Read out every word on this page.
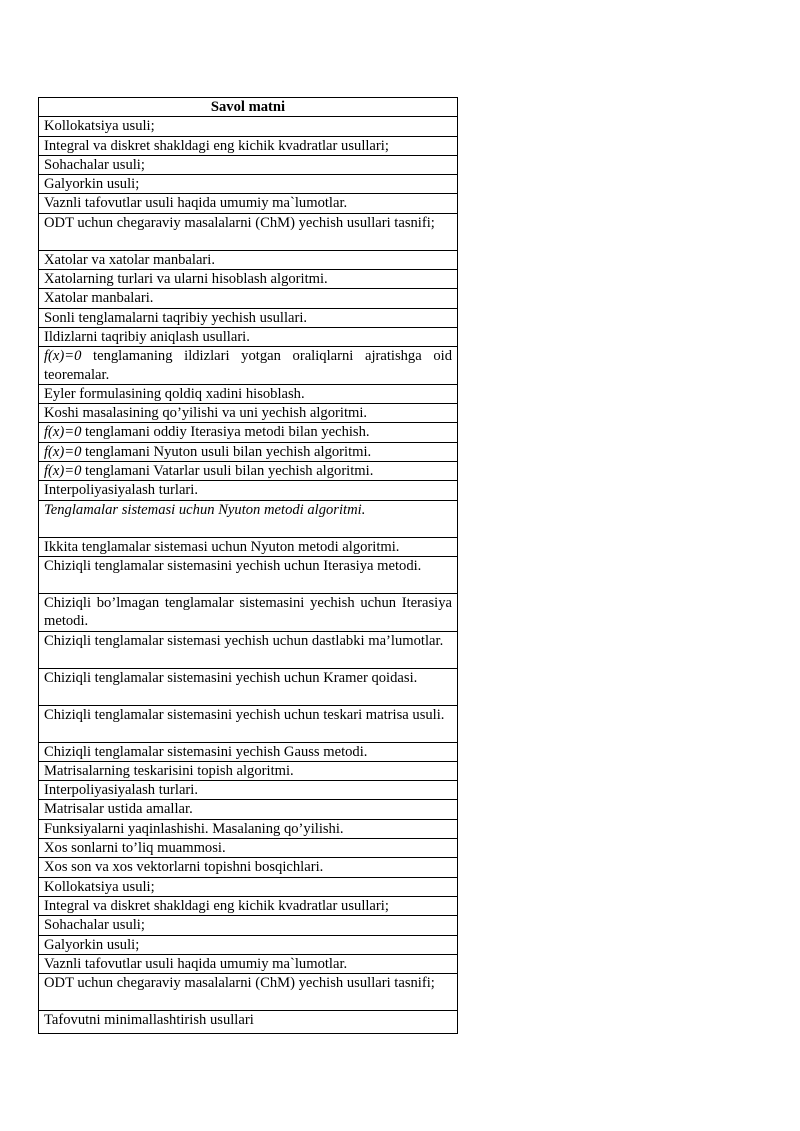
Savol matni
Kollokatsiya usuli;
Integral va diskret shakldagi eng kichik kvadratlar usullari;
Sohachalar usuli;
Galyorkin usuli;
Vaznli tafovutlar usuli haqida umumiy ma`lumotlar.
ODT uchun chegaraviy masalalarni (ChM) yechish usullari tasnifi;
Xatolar va xatolar manbalari.
Xatolarning turlari va ularni hisoblash algoritmi.
Xatolar manbalari.
Sonli tenglamalarni taqribiy yechish usullari.
Ildizlarni taqribiy aniqlash usullari.
f(x)=0 tenglamaning ildizlari yotgan oraliqlarni ajratishga oid teoremalar.
Eyler formulasining qoldiq xadini hisoblash.
Koshi masalasining qo’yilishi va uni yechish algoritmi.
f(x)=0 tenglamani oddiy Iterasiya metodi bilan yechish.
f(x)=0 tenglamani Nyuton usuli bilan yechish algoritmi.
f(x)=0 tenglamani Vatarlar usuli bilan yechish algoritmi.
Interpoliyasiyalash turlari.
Tenglamalar sistemasi uchun Nyuton metodi algoritmi.
Ikkita tenglamalar sistemasi uchun Nyuton metodi algoritmi.
Chiziqli tenglamalar sistemasini yechish uchun Iterasiya metodi.
Chiziqli bo’lmagan tenglamalar sistemasini yechish uchun Iterasiya metodi.
Chiziqli tenglamalar sistemasi yechish uchun dastlabki ma’lumotlar.
Chiziqli tenglamalar sistemasini yechish uchun Kramer qoidasi.
Chiziqli tenglamalar sistemasini yechish uchun teskari matrisa usuli.
Chiziqli tenglamalar sistemasini yechish Gauss metodi.
Matrisalarning teskarisini topish algoritmi.
Interpoliyasiyalash turlari.
Matrisalar ustida amallar.
Funksiyalarni yaqinlashishi. Masalaning qo’yilishi.
Xos sonlarni to’liq muammosi.
Xos son va xos vektorlarni topishni bosqichlari.
Kollokatsiya usuli;
Integral va diskret shakldagi eng kichik kvadratlar usullari;
Sohachalar usuli;
Galyorkin usuli;
Vaznli tafovutlar usuli haqida umumiy ma`lumotlar.
ODT uchun chegaraviy masalalarni (ChM) yechish usullari tasnifi;
Tafovutni minimallashtirish usullari
